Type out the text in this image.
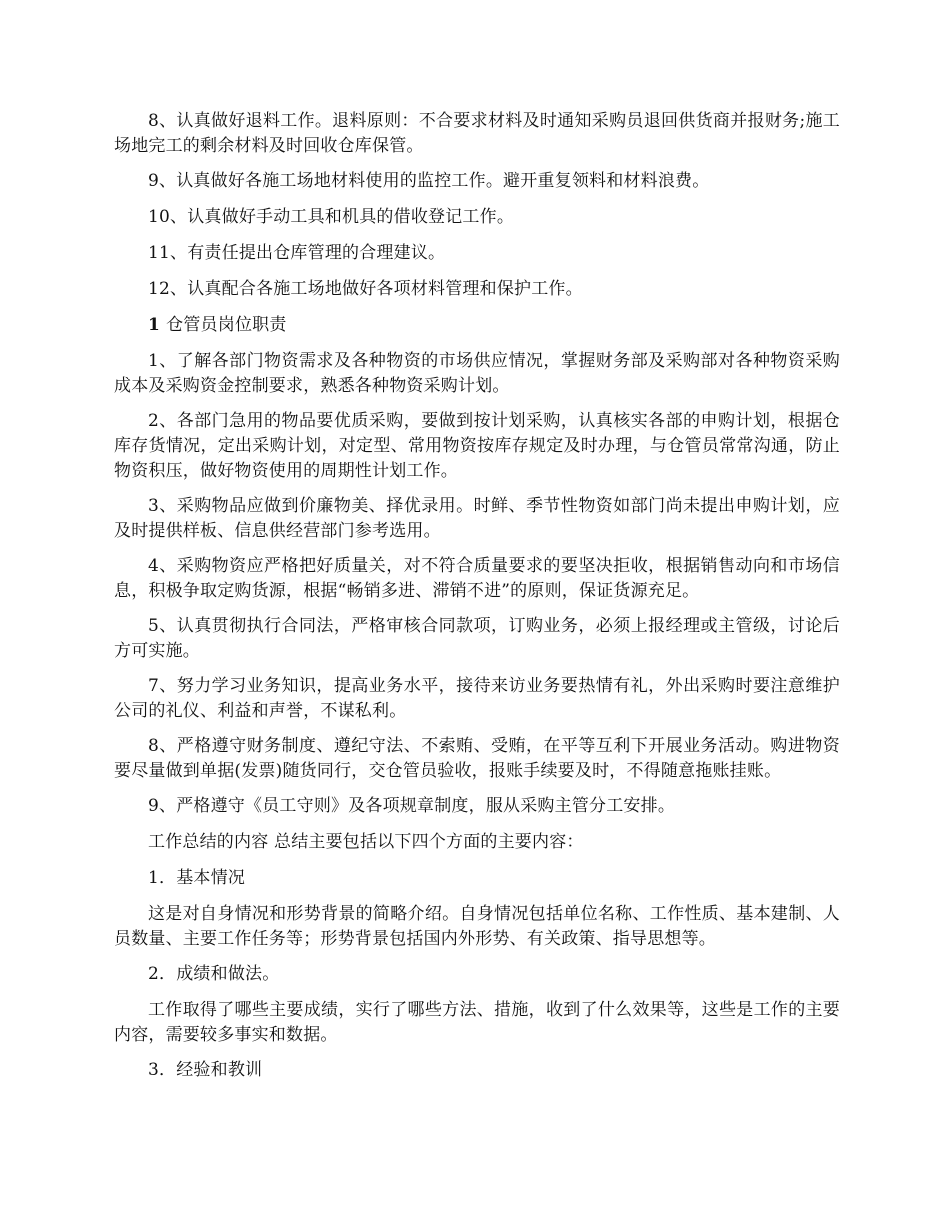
8、认真做好退料工作。退料原则：不合要求材料及时通知采购员退回供货商并报财务;施工场地完工的剩余材料及时回收仓库保管。

9、认真做好各施工场地材料使用的监控工作。避开重复领料和材料浪费。

10、认真做好手动工具和机具的借收登记工作。

11、有责任提出仓库管理的合理建议。

12、认真配合各施工场地做好各项材料管理和保护工作。

1 仓管员岗位职责

1、了解各部门物资需求及各种物资的市场供应情况，掌握财务部及采购部对各种物资采购成本及采购资金控制要求，熟悉各种物资采购计划。

2、各部门急用的物品要优质采购，要做到按计划采购，认真核实各部的申购计划，根据仓库存货情况，定出采购计划，对定型、常用物资按库存规定及时办理，与仓管员常常沟通，防止物资积压，做好物资使用的周期性计划工作。

3、采购物品应做到价廉物美、择优录用。时鲜、季节性物资如部门尚未提出申购计划，应及时提供样板、信息供经营部门参考选用。

4、采购物资应严格把好质量关，对不符合质量要求的要坚决拒收，根据销售动向和市场信息，积极争取定购货源，根据“畅销多进、滞销不进”的原则，保证货源充足。

5、认真贯彻执行合同法，严格审核合同款项，订购业务，必须上报经理或主管级，讨论后方可实施。

7、努力学习业务知识，提高业务水平，接待来访业务要热情有礼，外出采购时要注意维护公司的礼仪、利益和声誉，不谋私利。

8、严格遵守财务制度、遵纪守法、不索贿、受贿，在平等互利下开展业务活动。购进物资要尽量做到单据(发票)随货同行，交仓管员验收，报账手续要及时，不得随意拖账挂账。

9、严格遵守《员工守则》及各项规章制度，服从采购主管分工安排。

工作总结的内容 总结主要包括以下四个方面的主要内容：

1．基本情况

这是对自身情况和形势背景的简略介绍。自身情况包括单位名称、工作性质、基本建制、人员数量、主要工作任务等；形势背景包括国内外形势、有关政策、指导思想等。

2．成绩和做法。

工作取得了哪些主要成绩，实行了哪些方法、措施，收到了什么效果等，这些是工作的主要内容，需要较多事实和数据。

3．经验和教训
